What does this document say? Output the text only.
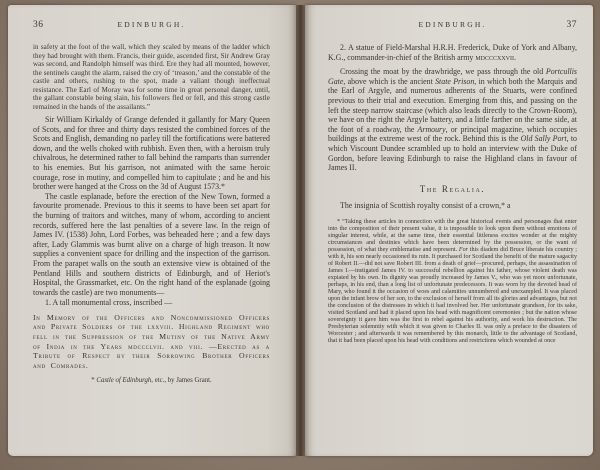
36	EDINBURGH.

in safety at the foot of the wall, which they scaled by means of the ladder which they had brought with them. Francis, their guide, ascended first, Sir Andrew Gray was second, and Randolph himself was third. Ere they had all mounted, however, the sentinels caught the alarm, raised the cry of ‘treason,’ and the constable of the castle and others, rushing to the spot, made a valiant though ineffectual resistance. The Earl of Moray was for some time in great personal danger, until, the gallant constable being slain, his followers fled or fell, and this strong castle remained in the hands of the assailants.”

Sir William Kirkaldy of Grange defended it gallantly for Mary Queen of Scots, and for three and thirty days resisted the combined forces of the Scots and English, demanding no parley till the fortifications were battered down, and the wells choked with rubbish. Even then, with a heroism truly chivalrous, he determined rather to fall behind the ramparts than surrender to his enemies. But his garrison, not animated with the same heroic courage, rose in mutiny, and compelled him to capitulate ; and he and his brother were hanged at the Cross on the 3d of August 1573.*

The castle esplanade, before the erection of the New Town, formed a favourite promenade. Previous to this it seems to have been set apart for the burning of traitors and witches, many of whom, according to ancient records, suffered here the last penalties of a severe law. In the reign of James IV. (1538) John, Lord Forbes, was beheaded here ; and a few days after, Lady Glammis was burnt alive on a charge of high treason. It now supplies a convenient space for drilling and the inspection of the garrison. From the parapet walls on the south an extensive view is obtained of the Pentland Hills and southern districts of Edinburgh, and of Heriot's Hospital, the Grassmarket, etc. On the right hand of the esplanade (going towards the castle) are two monuments—

1. A tall monumental cross, inscribed —

In Memory of the Officers and Noncommissioned Officers and Private Soldiers of the lxxviii. Highland Regiment who fell in the Suppression of the Mutiny of the Native Army of India in the Years mdccclvii. and viii. —Erected as a Tribute of Respect by their Sorrowing Brother Officers and Comrades.

* Castle of Edinburgh, etc., by James Grant.

EDINBURGH.	37

2. A statue of Field-Marshal H.R.H. Frederick, Duke of York and Albany, K.G., commander-in-chief of the British army mdcccxxvii.

Crossing the moat by the drawbridge, we pass through the old Portcullis Gate, above which is the ancient State Prison, in which both the Marquis and the Earl of Argyle, and numerous adherents of the Stuarts, were confined previous to their trial and execution. Emerging from this, and passing on the left the steep narrow staircase (which also leads directly to the Crown-Room), we have on the right the Argyle battery, and a little farther on the same side, at the foot of a roadway, the Armoury, or principal magazine, which occupies buildings at the extreme west of the rock. Behind this is the Old Sally Port, to which Viscount Dundee scrambled up to hold an interview with the Duke of Gordon, before leaving Edinburgh to raise the Highland clans in favour of James II.

The Regalia.

The insignia of Scottish royalty consist of a crown,* a

* “Taking these articles in connection with the great historical events and personages that enter into the composition of their present value, it is impossible to look upon them without emotions of singular interest, while, at the same time, their essential littleness excites wonder at the mighty circumstances and destinies which have been determined by the possession, or the want of possession, of what they emblematise and represent. For this diadem did Bruce liberate his country ; with it, his son nearly occasioned its ruin. It purchased for Scotland the benefit of the mature sagacity of Robert II.—did not save Robert III. from a death of grief—procured, perhaps, the assassination of James I.—instigated James IV. to successful rebellion against his father, whose violent death was expiated by his own. Its dignity was proudly increased by James V., who was yet more unfortunate, perhaps, in his end, than a long list of unfortunate predecessors. It was worn by the devoted head of Mary, who found it the occasion of woes and calamities unnumbered and unexampled. It was placed upon the infant brow of her son, to the exclusion of herself from all its glories and advantages, but not the conclusion of the distresses in which it had involved her. Her unfortunate grandson, for its sake, visited Scotland and had it placed upon his head with magnificent ceremonies ; but the nation whose sovereignty it gave him was the first to rebel against his authority, and work his destruction. The Presbyterian solemnity with which it was given to Charles II. was only a preface to the disasters of Worcester ; and afterwards it was remembered by this monarch, little to the advantage of Scotland, that it had been placed upon his head with conditions and restrictions which wounded at once
